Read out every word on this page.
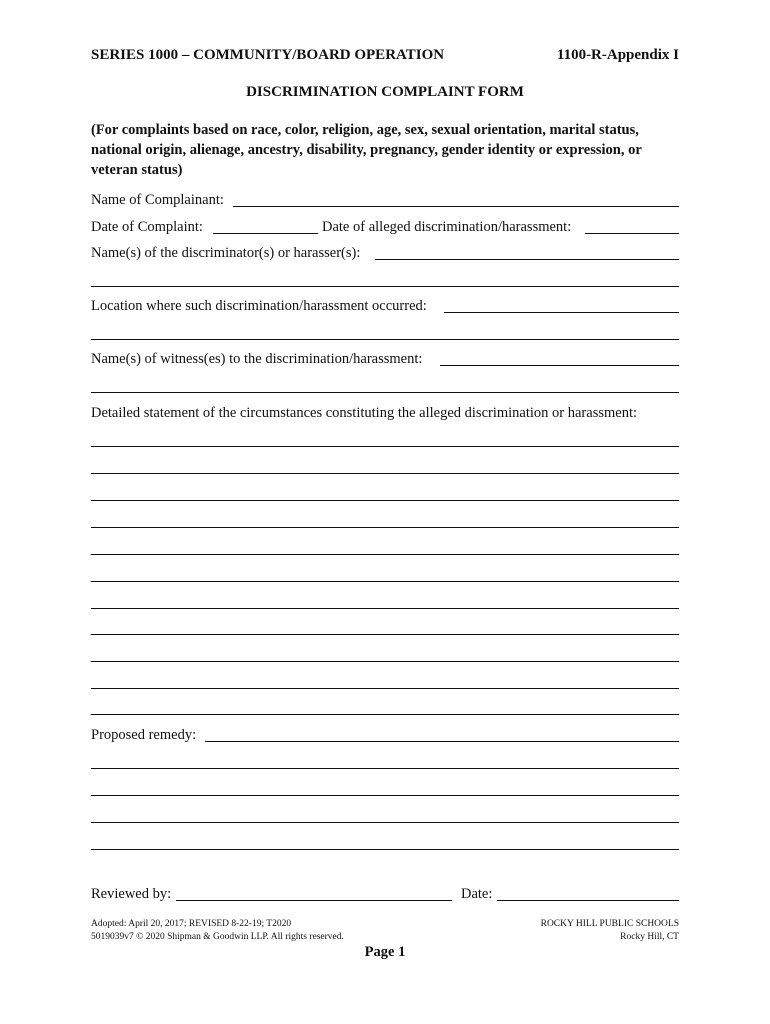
SERIES 1000 – COMMUNITY/BOARD OPERATION	1100-R-Appendix I
DISCRIMINATION COMPLAINT FORM
(For complaints based on race, color, religion, age, sex, sexual orientation, marital status, national origin, alienage, ancestry, disability, pregnancy, gender identity or expression, or veteran status)
Name of Complainant:
Date of Complaint:	Date of alleged discrimination/harassment:
Name(s) of the discriminator(s) or harasser(s):
Location where such discrimination/harassment occurred:
Name(s) of witness(es) to the discrimination/harassment:
Detailed statement of the circumstances constituting the alleged discrimination or harassment:
Proposed remedy:
Reviewed by:	Date:
Adopted: April 20, 2017; REVISED 8-22-19; T2020
5019039v7 © 2020 Shipman & Goodwin LLP. All rights reserved.
ROCKY HILL PUBLIC SCHOOLS
Rocky Hill, CT
Page 1
